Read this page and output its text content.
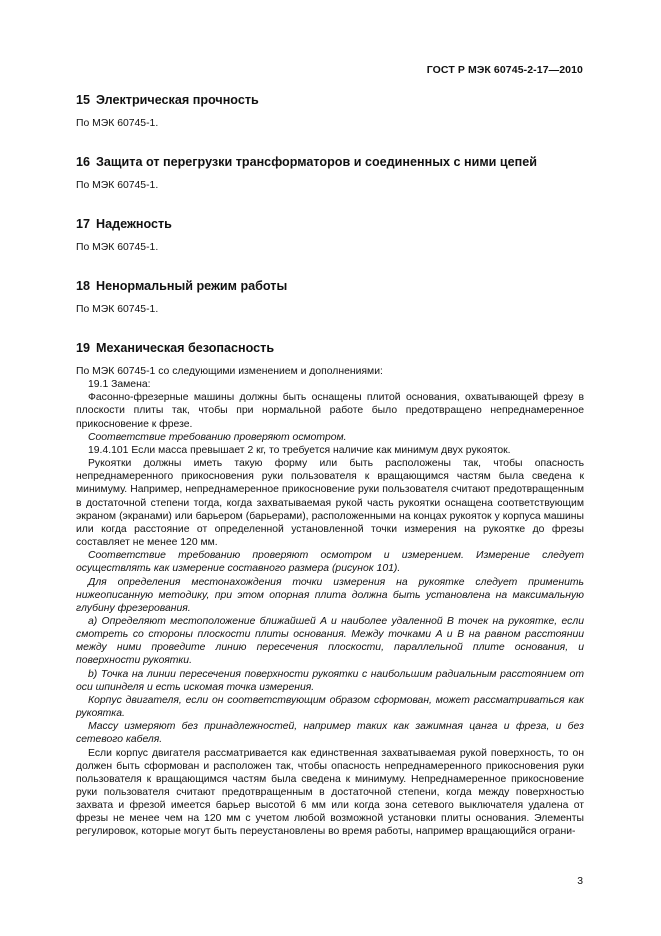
ГОСТ Р МЭК 60745-2-17—2010
15 Электрическая прочность
По МЭК 60745-1.
16 Защита от перегрузки трансформаторов и соединенных с ними цепей
По МЭК 60745-1.
17 Надежность
По МЭК 60745-1.
18 Ненормальный режим работы
По МЭК 60745-1.
19 Механическая безопасность

По МЭК 60745-1 со следующими изменением и дополнениями:

19.1 Замена:

Фасонно-фрезерные машины должны быть оснащены плитой основания, охватывающей фрезу в плоскости плиты так, чтобы при нормальной работе было предотвращено непреднамеренное прикосновение к фрезе.

Соответствие требованию проверяют осмотром.

19.4.101 Если масса превышает 2 кг, то требуется наличие как минимум двух рукояток.

Рукоятки должны иметь такую форму или быть расположены так, чтобы опасность непреднамеренного прикосновения руки пользователя к вращающимся частям была сведена к минимуму. Например, непреднамеренное прикосновение руки пользователя считают предотвращенным в достаточной степени тогда, когда захватываемая рукой часть рукоятки оснащена соответствующим экраном (экранами) или барьером (барьерами), расположенными на концах рукояток у корпуса машины или когда расстояние от определенной установленной точки измерения на рукоятке до фрезы составляет не менее 120 мм.

Соответствие требованию проверяют осмотром и измерением. Измерение следует осуществлять как измерение составного размера (рисунок 101).

Для определения местонахождения точки измерения на рукоятке следует применить нижеописанную методику, при этом опорная плита должна быть установлена на максимальную глубину фрезерования.

а) Определяют местоположение ближайшей A и наиболее удаленной B точек на рукоятке, если смотреть со стороны плоскости плиты основания. Между точками A и B на равном расстоянии между ними проведите линию пересечения плоскости, параллельной плите основания, и поверхности рукоятки.

b) Точка на линии пересечения поверхности рукоятки с наибольшим радиальным расстоянием от оси шпинделя и есть искомая точка измерения.

Корпус двигателя, если он соответствующим образом сформован, может рассматриваться как рукоятка.

Массу измеряют без принадлежностей, например таких как зажимная цанга и фреза, и без сетевого кабеля.

Если корпус двигателя рассматривается как единственная захватываемая рукой поверхность, то он должен быть сформован и расположен так, чтобы опасность непреднамеренного прикосновения руки пользователя к вращающимся частям была сведена к минимуму. Непреднамеренное прикосновение руки пользователя считают предотвращенным в достаточной степени, когда между поверхностью захвата и фрезой имеется барьер высотой 6 мм или когда зона сетевого выключателя удалена от фрезы не менее чем на 120 мм с учетом любой возможной установки плиты основания. Элементы регулировок, которые могут быть переустановлены во время работы, например вращающийся ограни-

3
